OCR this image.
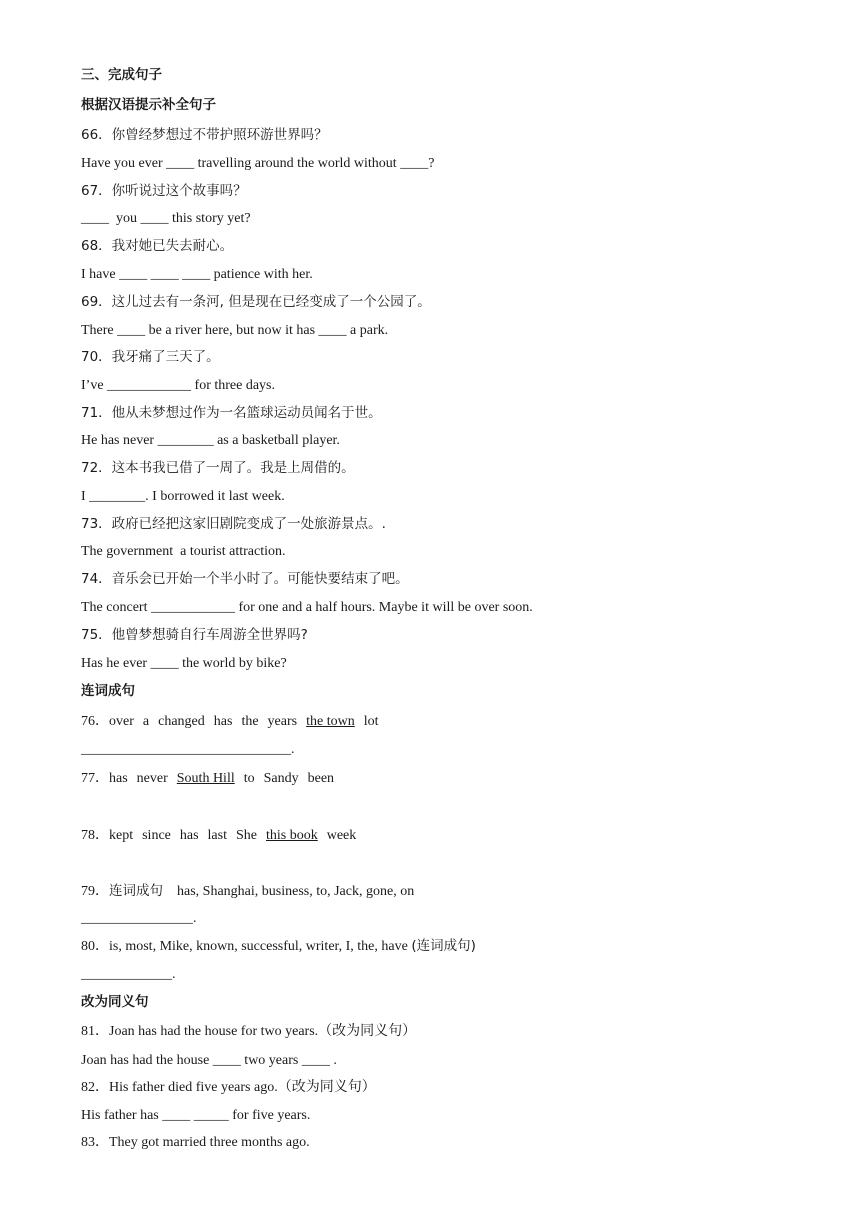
三、完成句子
根据汉语提示补全句子
66．你曾经梦想过不带护照环游世界吗？
Have you ever ____ travelling around the world without ____?
67．你听说过这个故事吗？
____  you ____ this story yet?
68．我对她已失去耐心。
I have ____ ____ ____ patience with her.
69．这儿过去有一条河, 但是现在已经变成了一个公园了。
There ____ be a river here, but now it has ____ a park.
70．我牙痛了三天了。
I’ve ____________ for three days.
71．他从未梦想过作为一名篮球运动员闻名于世。
He has never ________ as a basketball player.
72．这本书我已借了一周了。我是上周借的。
I ________. I borrowed it last week.
73．政府已经把这家旧剧院变成了一处旅游景点。.
The government  a tourist attraction.
74．音乐会已开始一个半小时了。可能快要结束了吧。
The concert ____________ for one and a half hours. Maybe it will be over soon.
75．他曾梦想骑自行车周游全世界吗?
Has he ever ____ the world by bike?
连词成句
76．over a changed has the years the town lot
______________________________.
77．has never South Hill to Sandy been
78．kept since has last She this book week
79．连词成句 has, Shanghai, business, to, Jack, gone, on
________________.
80．is, most, Mike, known, successful, writer, I, the, have (连词成句)
_____________.
改为同义句
81．Joan has had the house for two years.（改为同义句）
Joan has had the house ____ two years ____ .
82．His father died five years ago.（改为同义句）
His father has ____ _____ for five years.
83．They got married three months ago.
